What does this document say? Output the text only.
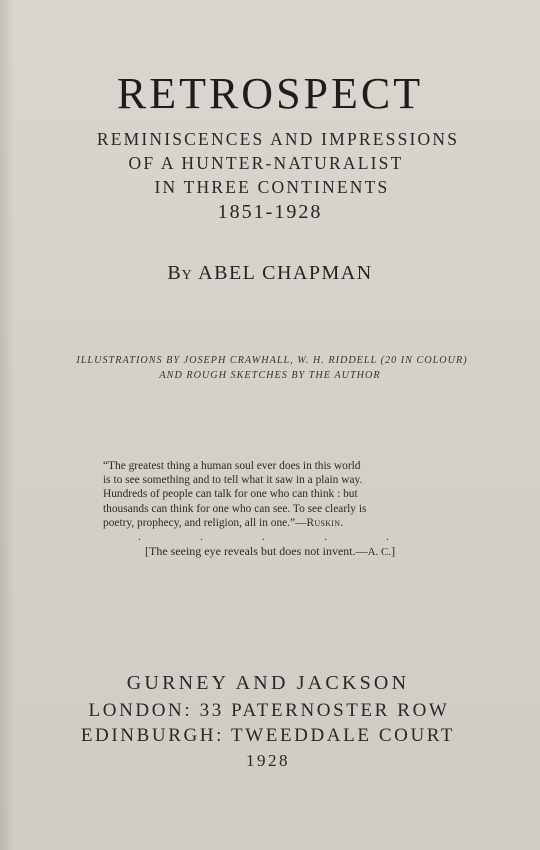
RETROSPECT
REMINISCENCES AND IMPRESSIONS
OF A HUNTER-NATURALIST
IN THREE CONTINENTS
1851-1928
By ABEL CHAPMAN
ILLUSTRATIONS BY JOSEPH CRAWHALL, W. H. RIDDELL (20 IN COLOUR)
AND ROUGH SKETCHES BY THE AUTHOR
“The greatest thing a human soul ever does in this world
is to see something and to tell what it saw in a plain way.
Hundreds of people can talk for one who can think : but
thousands can think for one who can see. To see clearly is
poetry, prophecy, and religion, all in one.”—Ruskin.
. . . . .
[The seeing eye reveals but does not invent.—A. C.]
GURNEY AND JACKSON
LONDON: 33 PATERNOSTER ROW
EDINBURGH: TWEEDDALE COURT
1928
